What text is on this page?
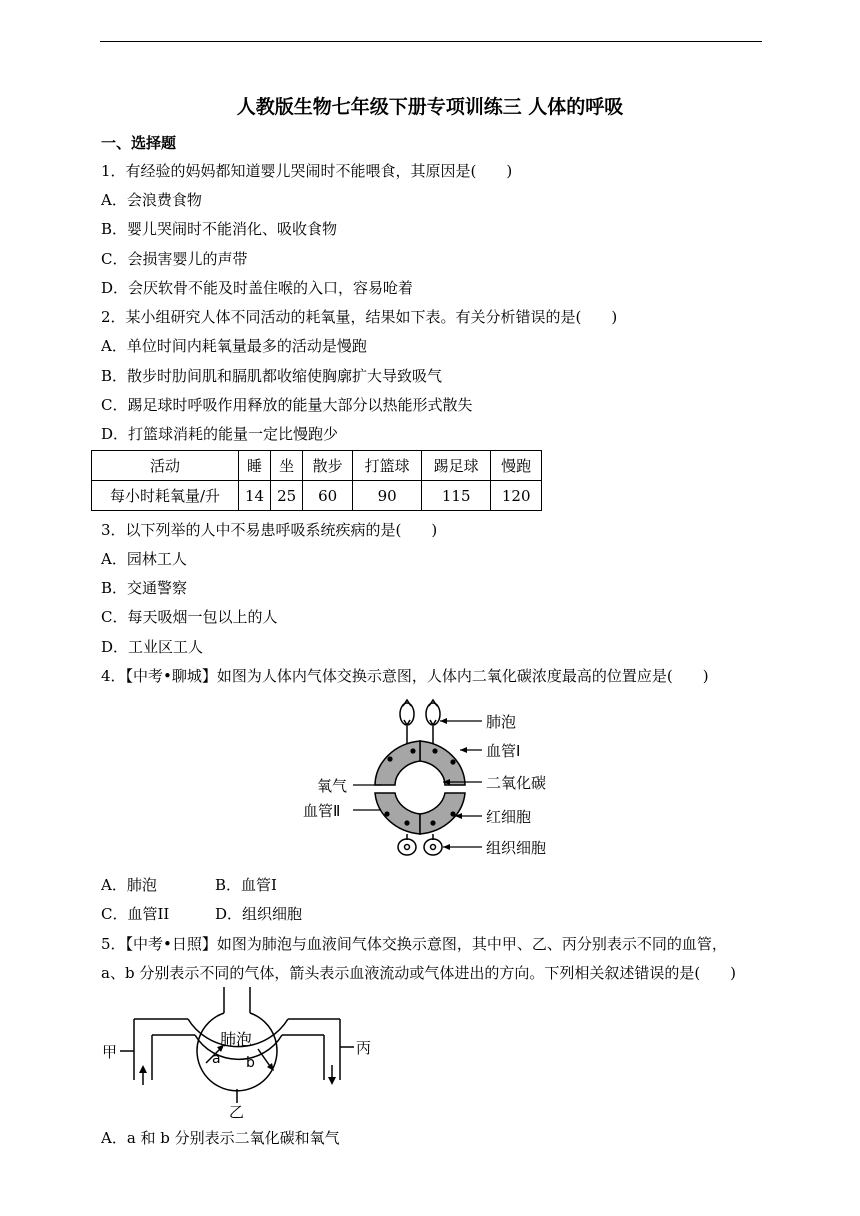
人教版生物七年级下册专项训练三 人体的呼吸
一、选择题
1．有经验的妈妈都知道婴儿哭闹时不能喂食，其原因是(　　)
A．会浪费食物
B．婴儿哭闹时不能消化、吸收食物
C．会损害婴儿的声带
D．会厌软骨不能及时盖住喉的入口，容易呛着
2．某小组研究人体不同活动的耗氧量，结果如下表。有关分析错误的是(　　)
A．单位时间内耗氧量最多的活动是慢跑
B．散步时肋间肌和膈肌都收缩使胸廓扩大导致吸气
C．踢足球时呼吸作用释放的能量大部分以热能形式散失
D．打篮球消耗的能量一定比慢跑少
活动	睡	坐	散步	打篮球	踢足球	慢跑
每小时耗氧量/升	14	25	60	90	115	120
3．以下列举的人中不易患呼吸系统疾病的是(　　)
A．园林工人
B．交通警察
C．每天吸烟一包以上的人
D．工业区工人
4．【中考•聊城】如图为人体内气体交换示意图，人体内二氧化碳浓度最高的位置应是(　　)
肺泡
血管Ⅰ
二氧化碳
红细胞
组织细胞
氧气
血管Ⅱ
A．肺泡	B．血管I
C．血管II	D．组织细胞
5．【中考•日照】如图为肺泡与血液间气体交换示意图，其中甲、乙、丙分别表示不同的血管，
a、b 分别表示不同的气体，箭头表示血液流动或气体进出的方向。下列相关叙述错误的是(　　)
肺泡
a b
甲	丙
乙
A．a 和 b 分别表示二氧化碳和氧气
